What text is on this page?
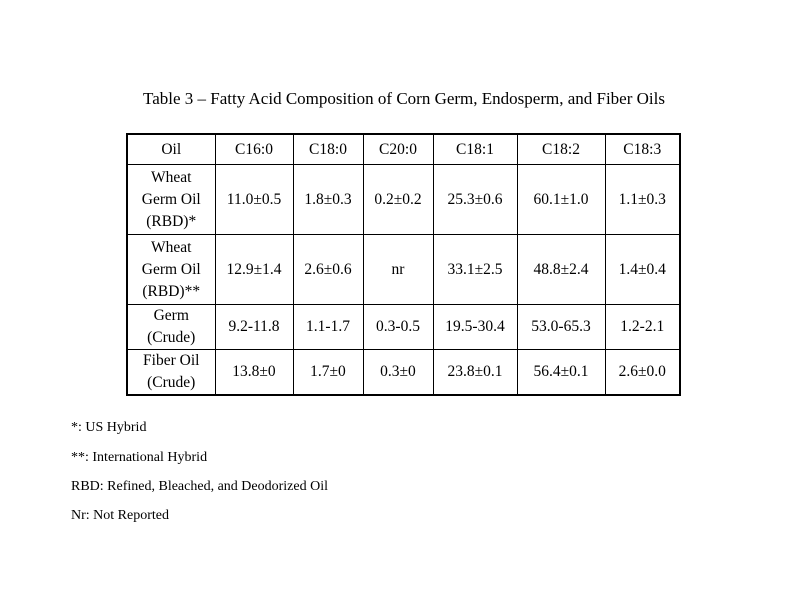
Table 3 – Fatty Acid Composition of Corn Germ, Endosperm, and Fiber Oils
Oil	C16:0	C18:0	C20:0	C18:1	C18:2	C18:3

Wheat
Germ Oil
(RBD)*	11.0±0.5	1.8±0.3	0.2±0.2	25.3±0.6	60.1±1.0	1.1±0.3

Wheat
Germ Oil
(RBD)**	12.9±1.4	2.6±0.6	nr	33.1±2.5	48.8±2.4	1.4±0.4

Germ
(Crude)	9.2-11.8	1.1-1.7	0.3-0.5	19.5-30.4	53.0-65.3	1.2-2.1

Fiber Oil
(Crude)	13.8±0	1.7±0	0.3±0	23.8±0.1	56.4±0.1	2.6±0.0
*: US Hybrid
**: International Hybrid
RBD: Refined, Bleached, and Deodorized Oil
Nr: Not Reported
